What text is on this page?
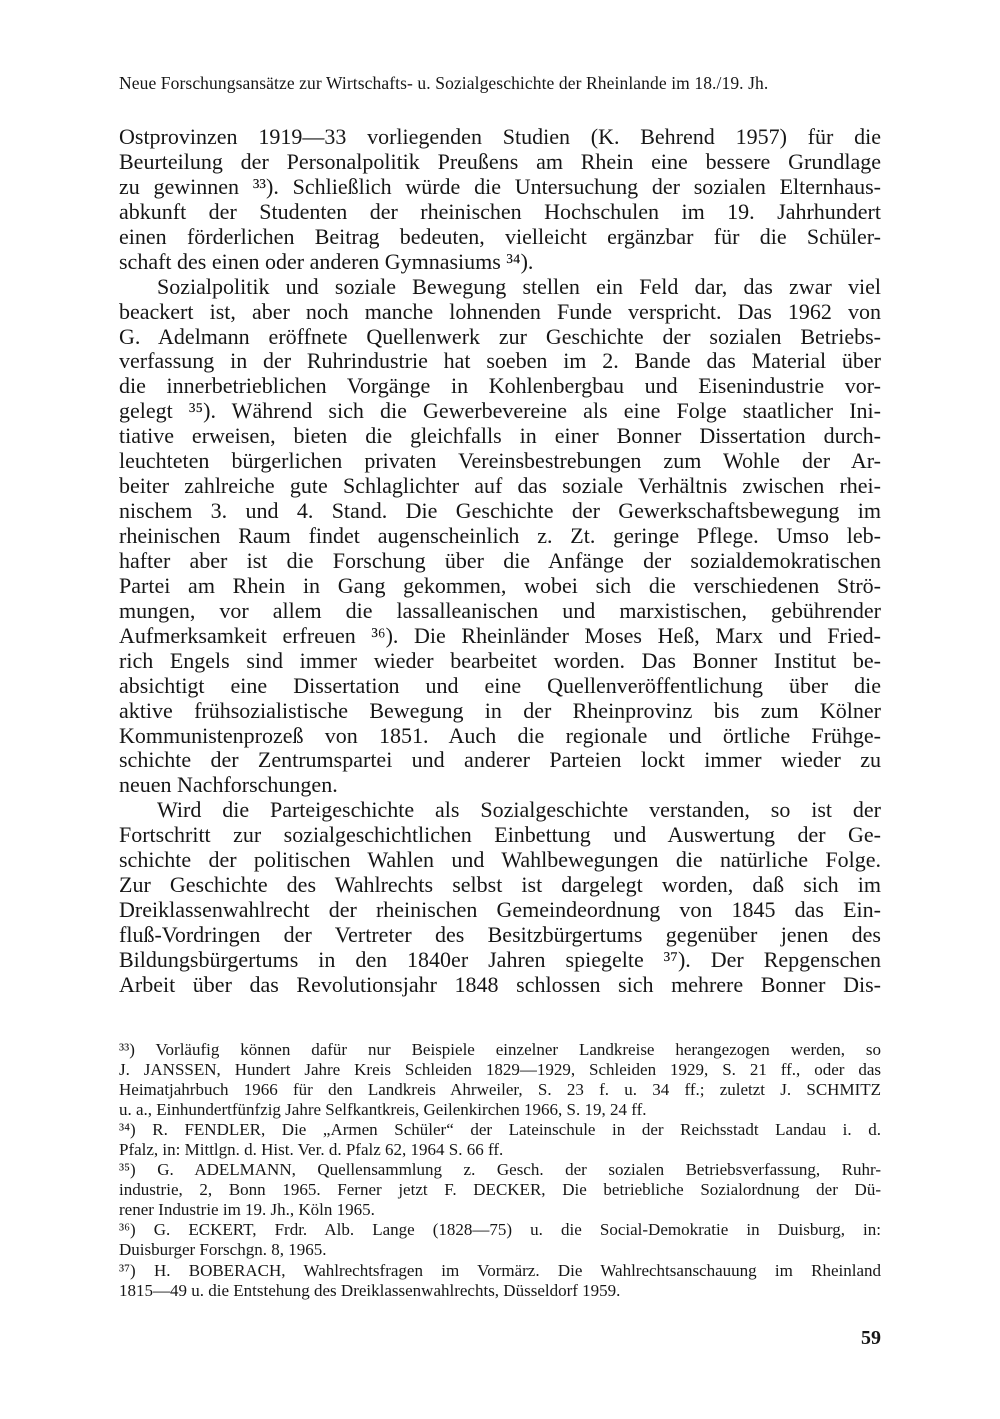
Neue Forschungsansätze zur Wirtschafts- u. Sozialgeschichte der Rheinlande im 18./19. Jh.
Ostprovinzen 1919—33 vorliegenden Studien (K. Behrend 1957) für die
Beurteilung der Personalpolitik Preußens am Rhein eine bessere Grundlage
zu gewinnen ³³). Schließlich würde die Untersuchung der sozialen Elternhaus-
abkunft der Studenten der rheinischen Hochschulen im 19. Jahrhundert
einen förderlichen Beitrag bedeuten, vielleicht ergänzbar für die Schüler-
schaft des einen oder anderen Gymnasiums ³⁴).
Sozialpolitik und soziale Bewegung stellen ein Feld dar, das zwar viel
beackert ist, aber noch manche lohnenden Funde verspricht. Das 1962 von
G. Adelmann eröffnete Quellenwerk zur Geschichte der sozialen Betriebs-
verfassung in der Ruhrindustrie hat soeben im 2. Bande das Material über
die innerbetrieblichen Vorgänge in Kohlenbergbau und Eisenindustrie vor-
gelegt ³⁵). Während sich die Gewerbevereine als eine Folge staatlicher Ini-
tiative erweisen, bieten die gleichfalls in einer Bonner Dissertation durch-
leuchteten bürgerlichen privaten Vereinsbestrebungen zum Wohle der Ar-
beiter zahlreiche gute Schlaglichter auf das soziale Verhältnis zwischen rhei-
nischem 3. und 4. Stand. Die Geschichte der Gewerkschaftsbewegung im
rheinischen Raum findet augenscheinlich z. Zt. geringe Pflege. Umso leb-
hafter aber ist die Forschung über die Anfänge der sozialdemokratischen
Partei am Rhein in Gang gekommen, wobei sich die verschiedenen Strö-
mungen, vor allem die lassalleanischen und marxistischen, gebührender
Aufmerksamkeit erfreuen ³⁶). Die Rheinländer Moses Heß, Marx und Fried-
rich Engels sind immer wieder bearbeitet worden. Das Bonner Institut be-
absichtigt eine Dissertation und eine Quellenveröffentlichung über die
aktive frühsozialistische Bewegung in der Rheinprovinz bis zum Kölner
Kommunistenprozeß von 1851. Auch die regionale und örtliche Frühge-
schichte der Zentrumspartei und anderer Parteien lockt immer wieder zu
neuen Nachforschungen.
Wird die Parteigeschichte als Sozialgeschichte verstanden, so ist der
Fortschritt zur sozialgeschichtlichen Einbettung und Auswertung der Ge-
schichte der politischen Wahlen und Wahlbewegungen die natürliche Folge.
Zur Geschichte des Wahlrechts selbst ist dargelegt worden, daß sich im
Dreiklassenwahlrecht der rheinischen Gemeindeordnung von 1845 das Ein-
fluß-Vordringen der Vertreter des Besitzbürgertums gegenüber jenen des
Bildungsbürgertums in den 1840er Jahren spiegelte ³⁷). Der Repgenschen
Arbeit über das Revolutionsjahr 1848 schlossen sich mehrere Bonner Dis-
³³) Vorläufig können dafür nur Beispiele einzelner Landkreise herangezogen werden, so
J. JANSSEN, Hundert Jahre Kreis Schleiden 1829—1929, Schleiden 1929, S. 21 ff., oder das
Heimatjahrbuch 1966 für den Landkreis Ahrweiler, S. 23 f. u. 34 ff.; zuletzt J. SCHMITZ
u. a., Einhundertfünfzig Jahre Selfkantkreis, Geilenkirchen 1966, S. 19, 24 ff.
³⁴) R. FENDLER, Die „Armen Schüler“ der Lateinschule in der Reichsstadt Landau i. d.
Pfalz, in: Mittlgn. d. Hist. Ver. d. Pfalz 62, 1964 S. 66 ff.
³⁵) G. ADELMANN, Quellensammlung z. Gesch. der sozialen Betriebsverfassung, Ruhr-
industrie, 2, Bonn 1965. Ferner jetzt F. DECKER, Die betriebliche Sozialordnung der Dü-
rener Industrie im 19. Jh., Köln 1965.
³⁶) G. ECKERT, Frdr. Alb. Lange (1828—75) u. die Social-Demokratie in Duisburg, in:
Duisburger Forschgn. 8, 1965.
³⁷) H. BOBERACH, Wahlrechtsfragen im Vormärz. Die Wahlrechtsanschauung im Rheinland
1815—49 u. die Entstehung des Dreiklassenwahlrechts, Düsseldorf 1959.
59
